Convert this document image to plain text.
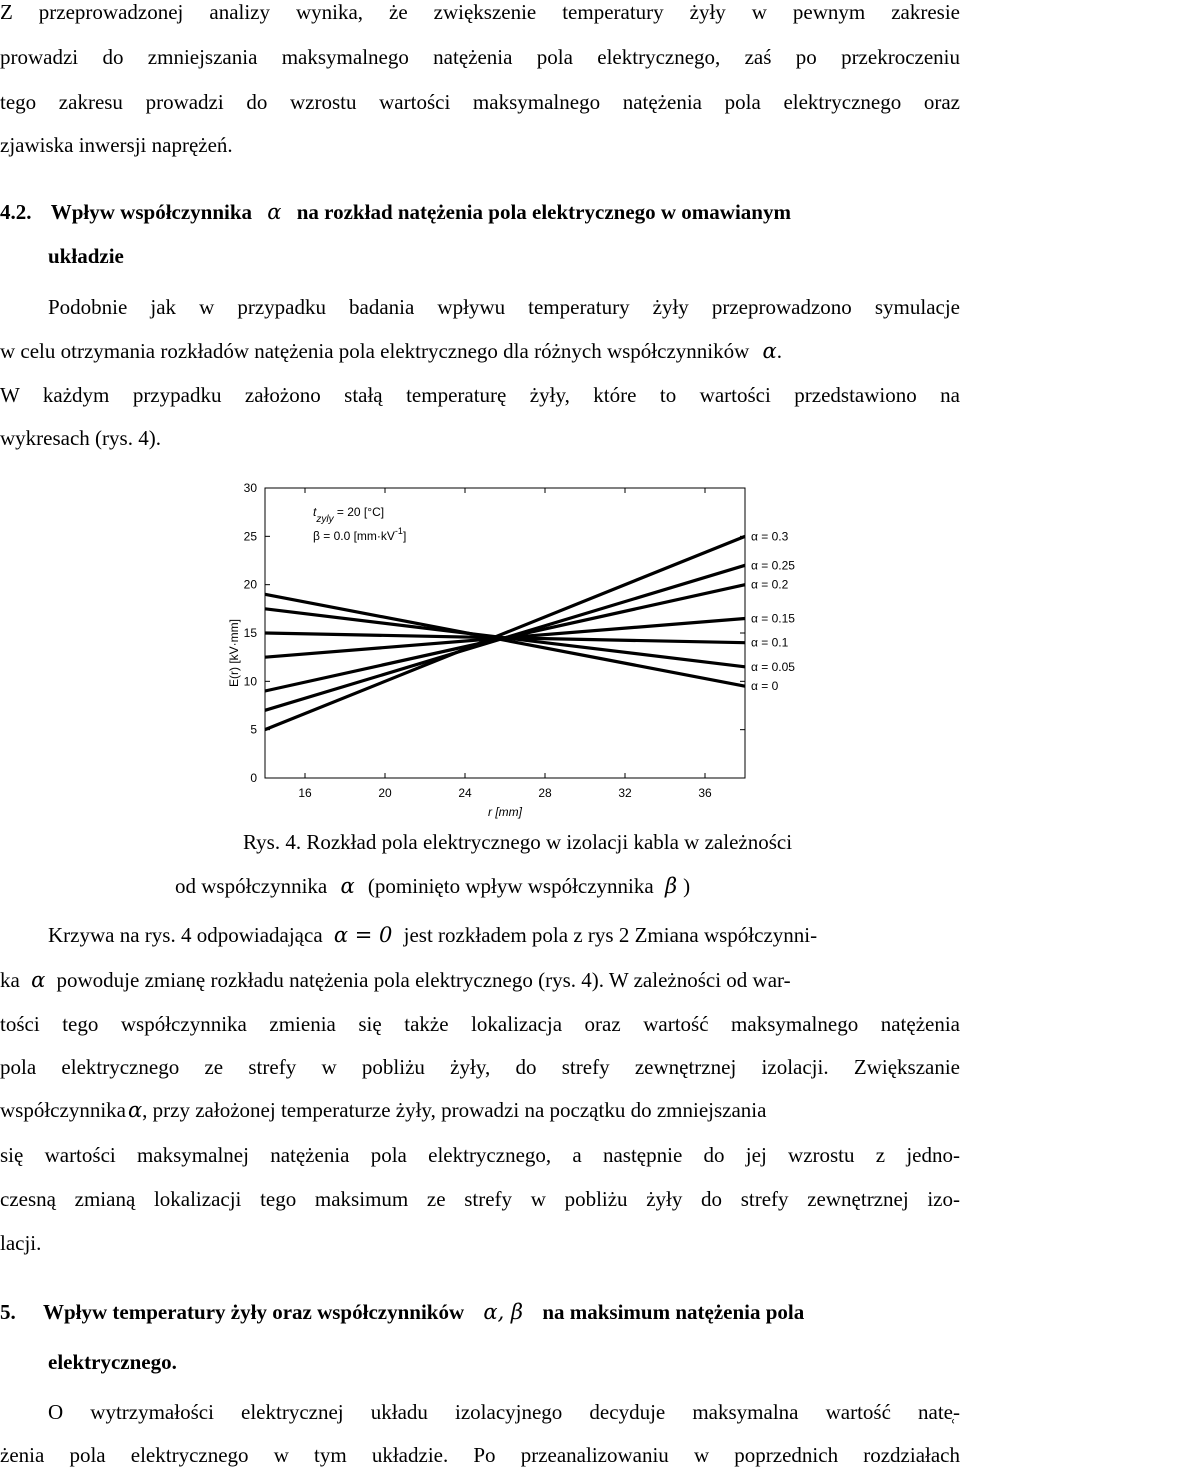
Z przeprowadzonej analizy wynika, że zwiększenie temperatury żyły w pewnym zakresie
prowadzi do zmniejszania maksymalnego natężenia pola elektrycznego, zaś po przekroczeniu
tego zakresu prowadzi do wzrostu wartości maksymalnego natężenia pola elektrycznego oraz
zjawiska inwersji naprężeń.
4.2. Wpływ współczynnika α na rozkład natężenia pola elektrycznego w omawianym
układzie
Podobnie jak w przypadku badania wpływu temperatury żyły przeprowadzono symulacje
w celu otrzymania rozkładów natężenia pola elektrycznego dla różnych współczynników α.
W każdym przypadku założono stałą temperaturę żyły, które to wartości przedstawiono na
wykresach (rys. 4).
0
5
10
15
20
25
30
16	20	24	28	32	36
r [mm]
E(r) [kV·mm]
α = 0.3
α = 0.25
α = 0.2
α = 0.15
α = 0.1
α = 0.05
α = 0
$t_{zyly} = 20$ [°C]
β = 0.0 $[mm\cdot kV^{-1}]$
Rys. 4. Rozkład pola elektrycznego w izolacji kabla w zależności
od współczynnika α (pominięto wpływ współczynnika β )
Krzywa na rys. 4 odpowiadająca α = 0 jest rozkładem pola z rys 2 Zmiana współczynni-
ka α powoduje zmianę rozkładu natężenia pola elektrycznego (rys. 4). W zależności od war-
tości tego współczynnika zmienia się także lokalizacja oraz wartość maksymalnego natężenia
pola elektrycznego ze strefy w pobliżu żyły, do strefy zewnętrznej izolacji. Zwiększanie
współczynnikaα, przy założonej temperaturze żyły, prowadzi na początku do zmniejszania
się wartości maksymalnej natężenia pola elektrycznego, a następnie do jej wzrostu z jedno-
czesną zmianą lokalizacji tego maksimum ze strefy w pobliżu żyły do strefy zewnętrznej izo-
lacji.
5. Wpływ temperatury żyły oraz współczynników α, β na maksimum natężenia pola
elektrycznego.
O wytrzymałości elektrycznej układu izolacyjnego decyduje maksymalna wartość nate̜-
żenia pola elektrycznego w tym układzie. Po przeanalizowaniu w poprzednich rozdziałach
